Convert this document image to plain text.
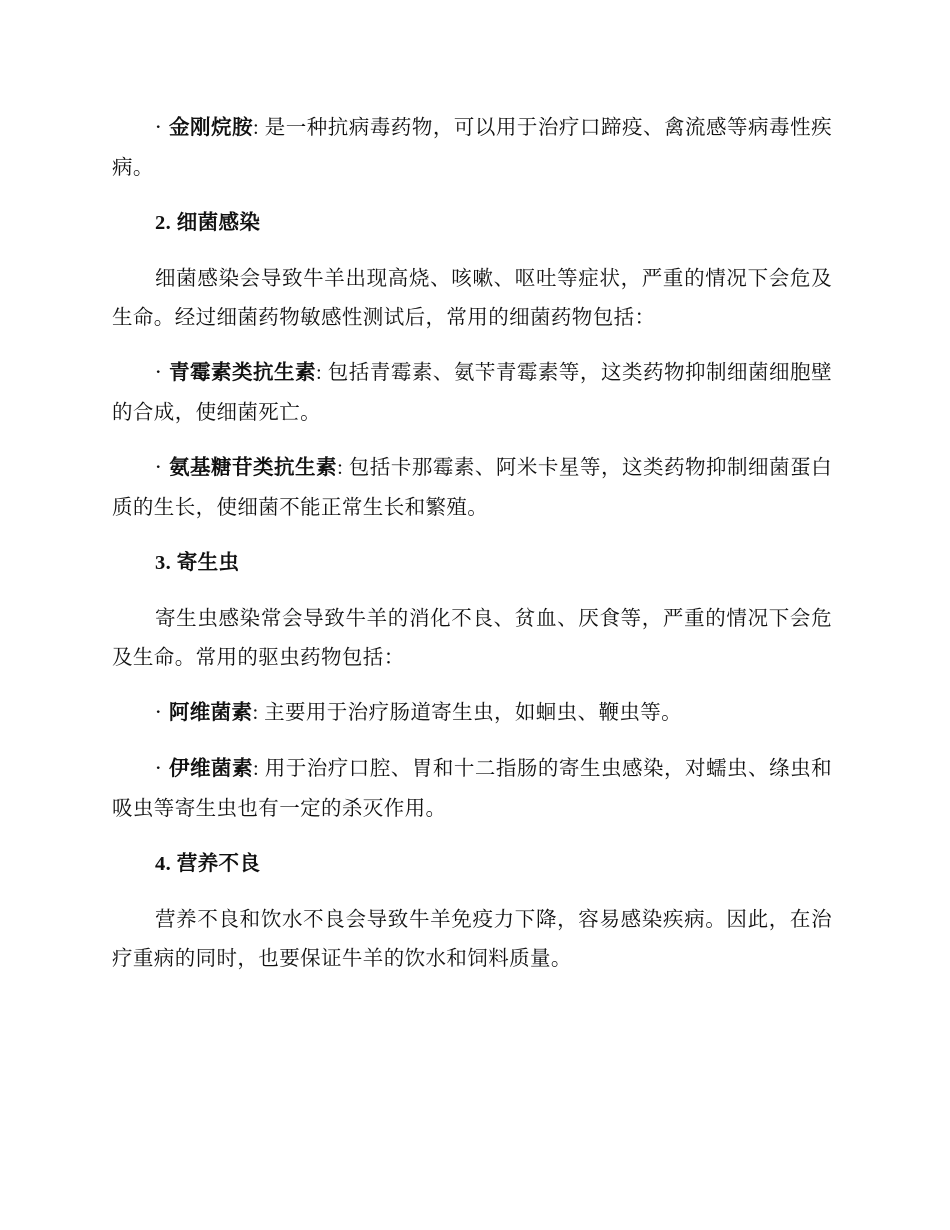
· 金刚烷胺: 是一种抗病毒药物，可以用于治疗口蹄疫、禽流感等病毒性疾病。

2. 细菌感染

细菌感染会导致牛羊出现高烧、咳嗽、呕吐等症状，严重的情况下会危及生命。经过细菌药物敏感性测试后，常用的细菌药物包括：

· 青霉素类抗生素: 包括青霉素、氨苄青霉素等，这类药物抑制细菌细胞壁的合成，使细菌死亡。

· 氨基糖苷类抗生素: 包括卡那霉素、阿米卡星等，这类药物抑制细菌蛋白质的生长，使细菌不能正常生长和繁殖。

3. 寄生虫

寄生虫感染常会导致牛羊的消化不良、贫血、厌食等，严重的情况下会危及生命。常用的驱虫药物包括：

· 阿维菌素: 主要用于治疗肠道寄生虫，如蛔虫、鞭虫等。

· 伊维菌素: 用于治疗口腔、胃和十二指肠的寄生虫感染，对蠕虫、绦虫和吸虫等寄生虫也有一定的杀灭作用。

4. 营养不良

营养不良和饮水不良会导致牛羊免疫力下降，容易感染疾病。因此，在治疗重病的同时，也要保证牛羊的饮水和饲料质量。
